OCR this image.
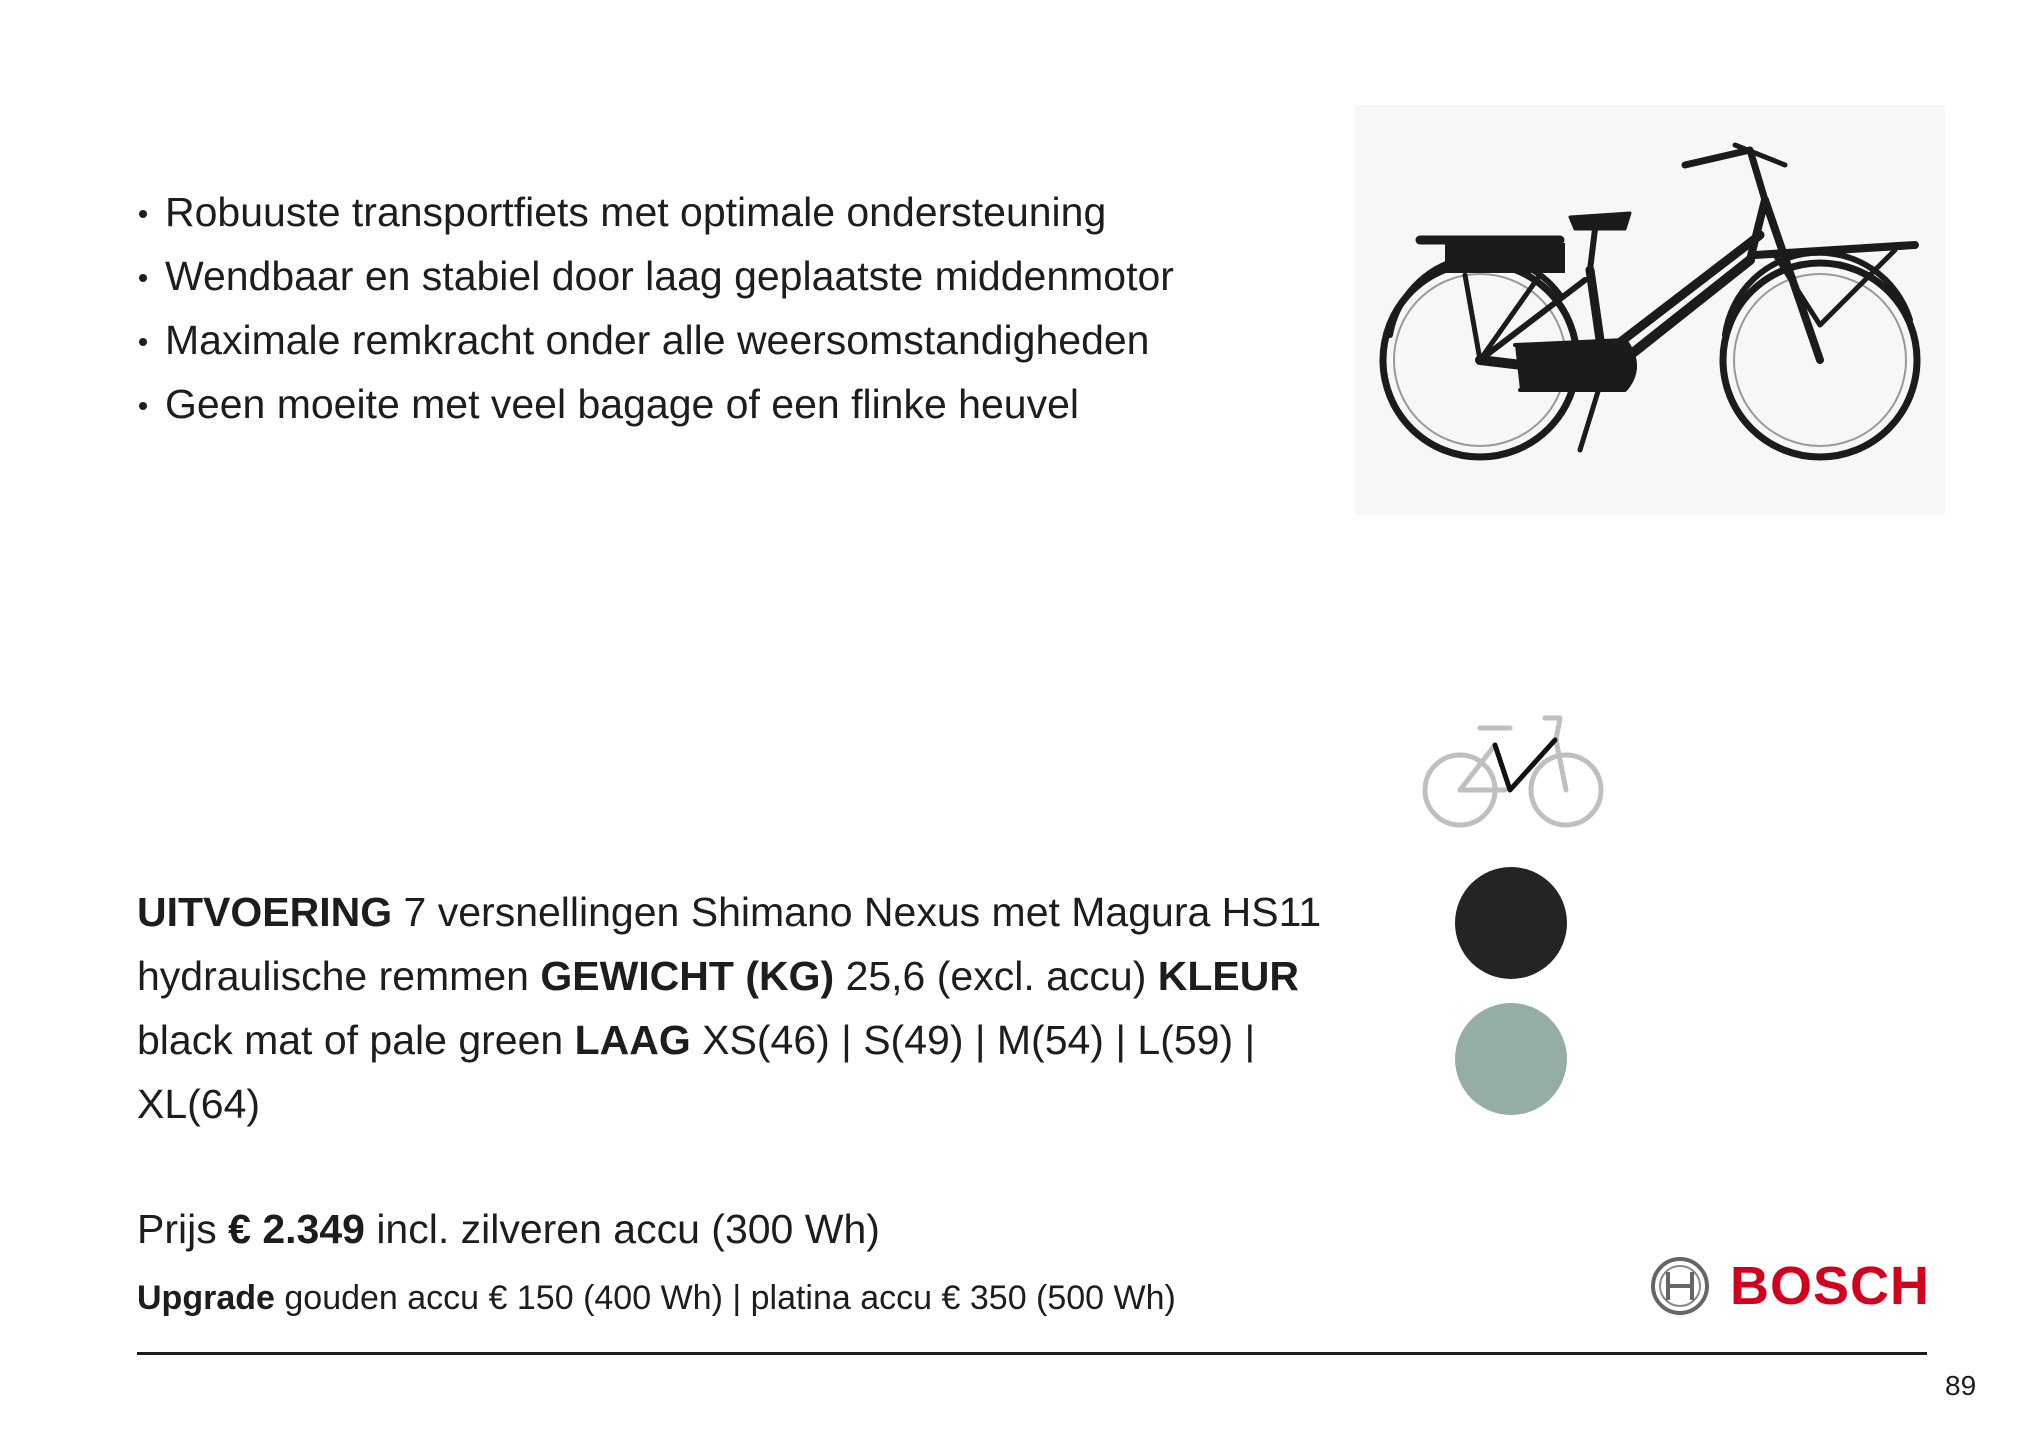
Robuuste transportfiets met optimale ondersteuning
Wendbaar en stabiel door laag geplaatste middenmotor
Maximale remkracht onder alle weersomstandigheden
Geen moeite met veel bagage of een flinke heuvel

UITVOERING 7 versnellingen Shimano Nexus met Magura HS11 hydraulische remmen GEWICHT (KG) 25,6 (excl. accu) KLEUR black mat of pale green LAAG XS(46) | S(49) | M(54) | L(59) | XL(64)

Prijs € 2.349 incl. zilveren accu (300 Wh)

Upgrade gouden accu € 150 (400 Wh) | platina accu € 350 (500 Wh)	BOSCH
89
